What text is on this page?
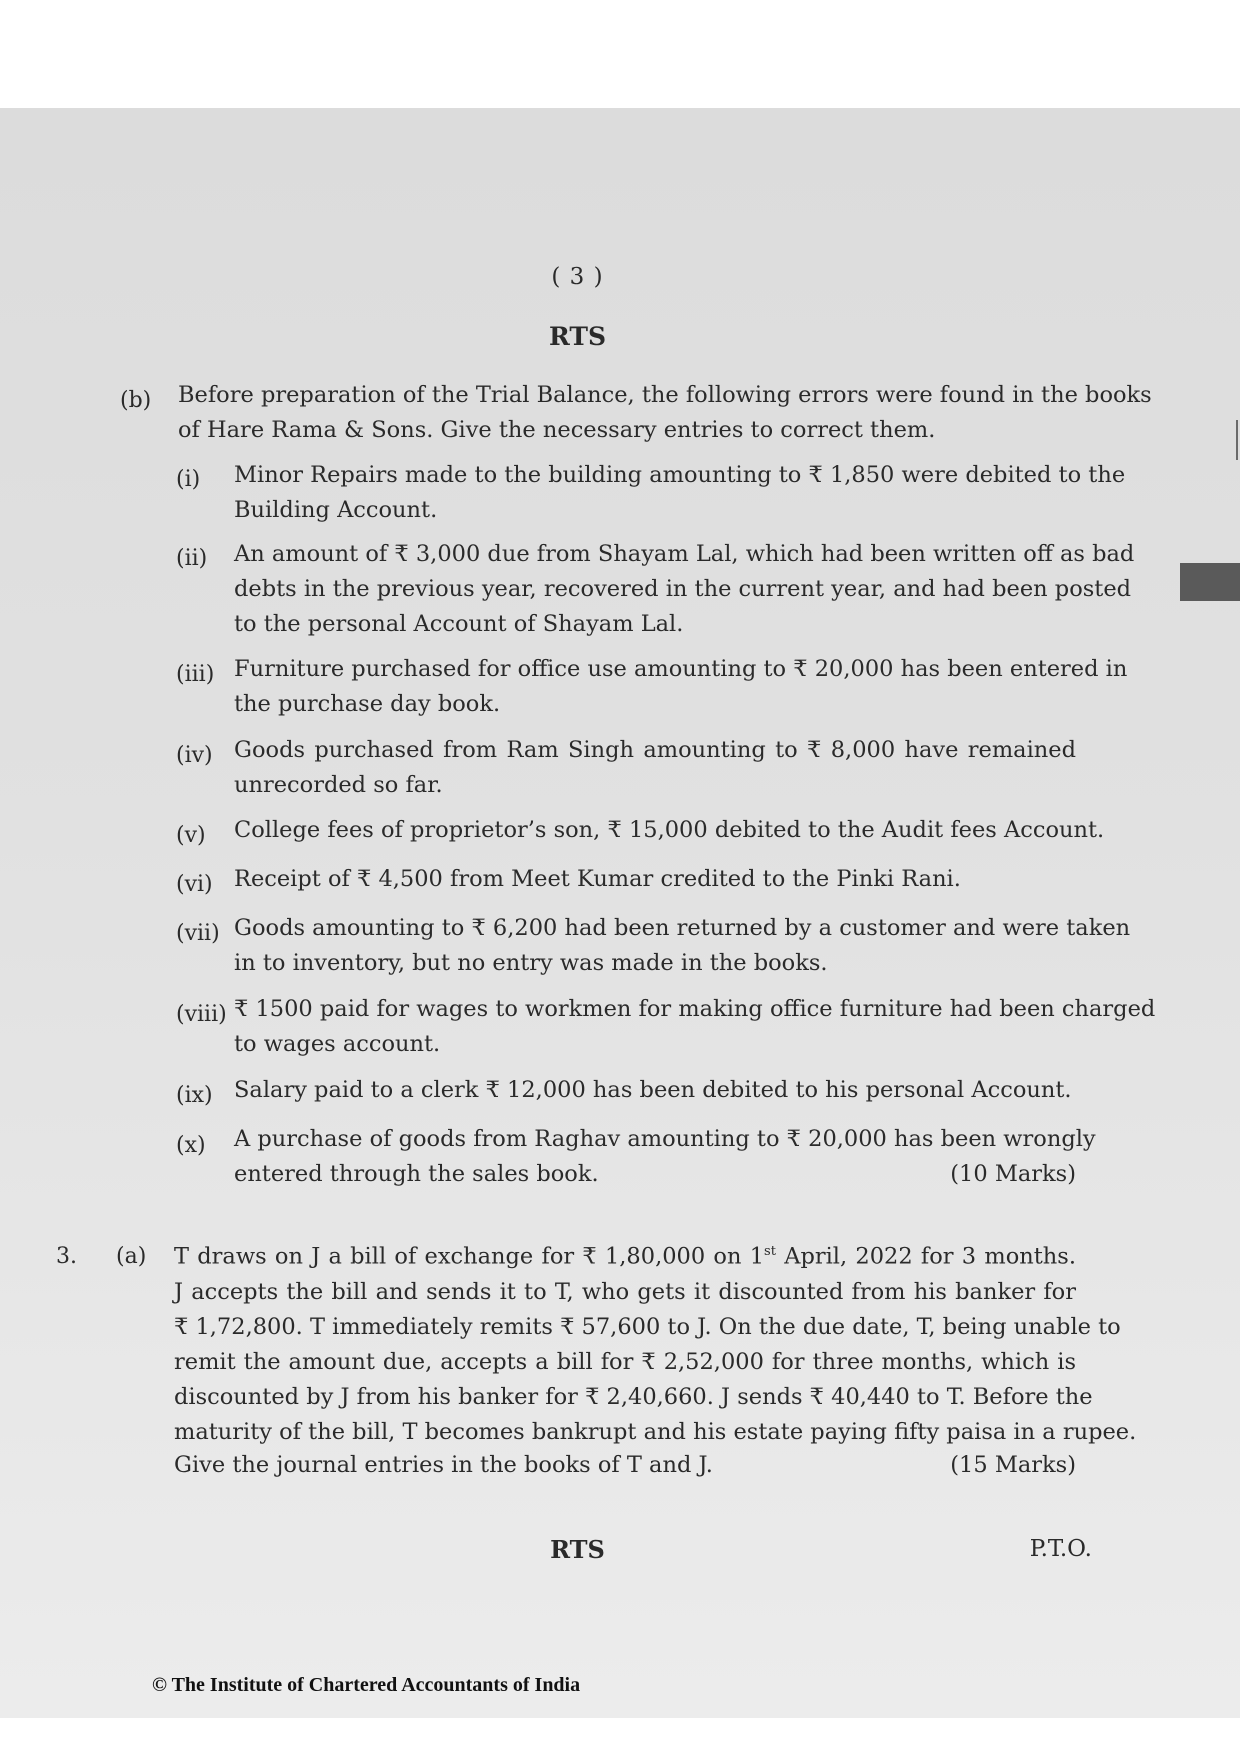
( 3 )
RTS
(b) Before preparation of the Trial Balance, the following errors were found in the books
of Hare Rama & Sons. Give the necessary entries to correct them.
(i) Minor Repairs made to the building amounting to ₹ 1,850 were debited to the
Building Account.
(ii) An amount of ₹ 3,000 due from Shayam Lal, which had been written off as bad
debts in the previous year, recovered in the current year, and had been posted
to the personal Account of Shayam Lal.
(iii) Furniture purchased for office use amounting to ₹ 20,000 has been entered in
the purchase day book.
(iv) Goods purchased from Ram Singh amounting to ₹ 8,000 have remained
unrecorded so far.
(v) College fees of proprietor’s son, ₹ 15,000 debited to the Audit fees Account.
(vi) Receipt of ₹ 4,500 from Meet Kumar credited to the Pinki Rani.
(vii) Goods amounting to ₹ 6,200 had been returned by a customer and were taken
in to inventory, but no entry was made in the books.
(viii) ₹ 1500 paid for wages to workmen for making office furniture had been charged
to wages account.
(ix) Salary paid to a clerk ₹ 12,000 has been debited to his personal Account.
(x) A purchase of goods from Raghav amounting to ₹ 20,000 has been wrongly
entered through the sales book.	(10 Marks)
3. (a) T draws on J a bill of exchange for ₹ 1,80,000 on 1st April, 2022 for 3 months.
J accepts the bill and sends it to T, who gets it discounted from his banker for
₹ 1,72,800. T immediately remits ₹ 57,600 to J. On the due date, T, being unable to
remit the amount due, accepts a bill for ₹ 2,52,000 for three months, which is
discounted by J from his banker for ₹ 2,40,660. J sends ₹ 40,440 to T. Before the
maturity of the bill, T becomes bankrupt and his estate paying fifty paisa in a rupee.
Give the journal entries in the books of T and J.	(15 Marks)
RTS	P.T.O.
© The Institute of Chartered Accountants of India
